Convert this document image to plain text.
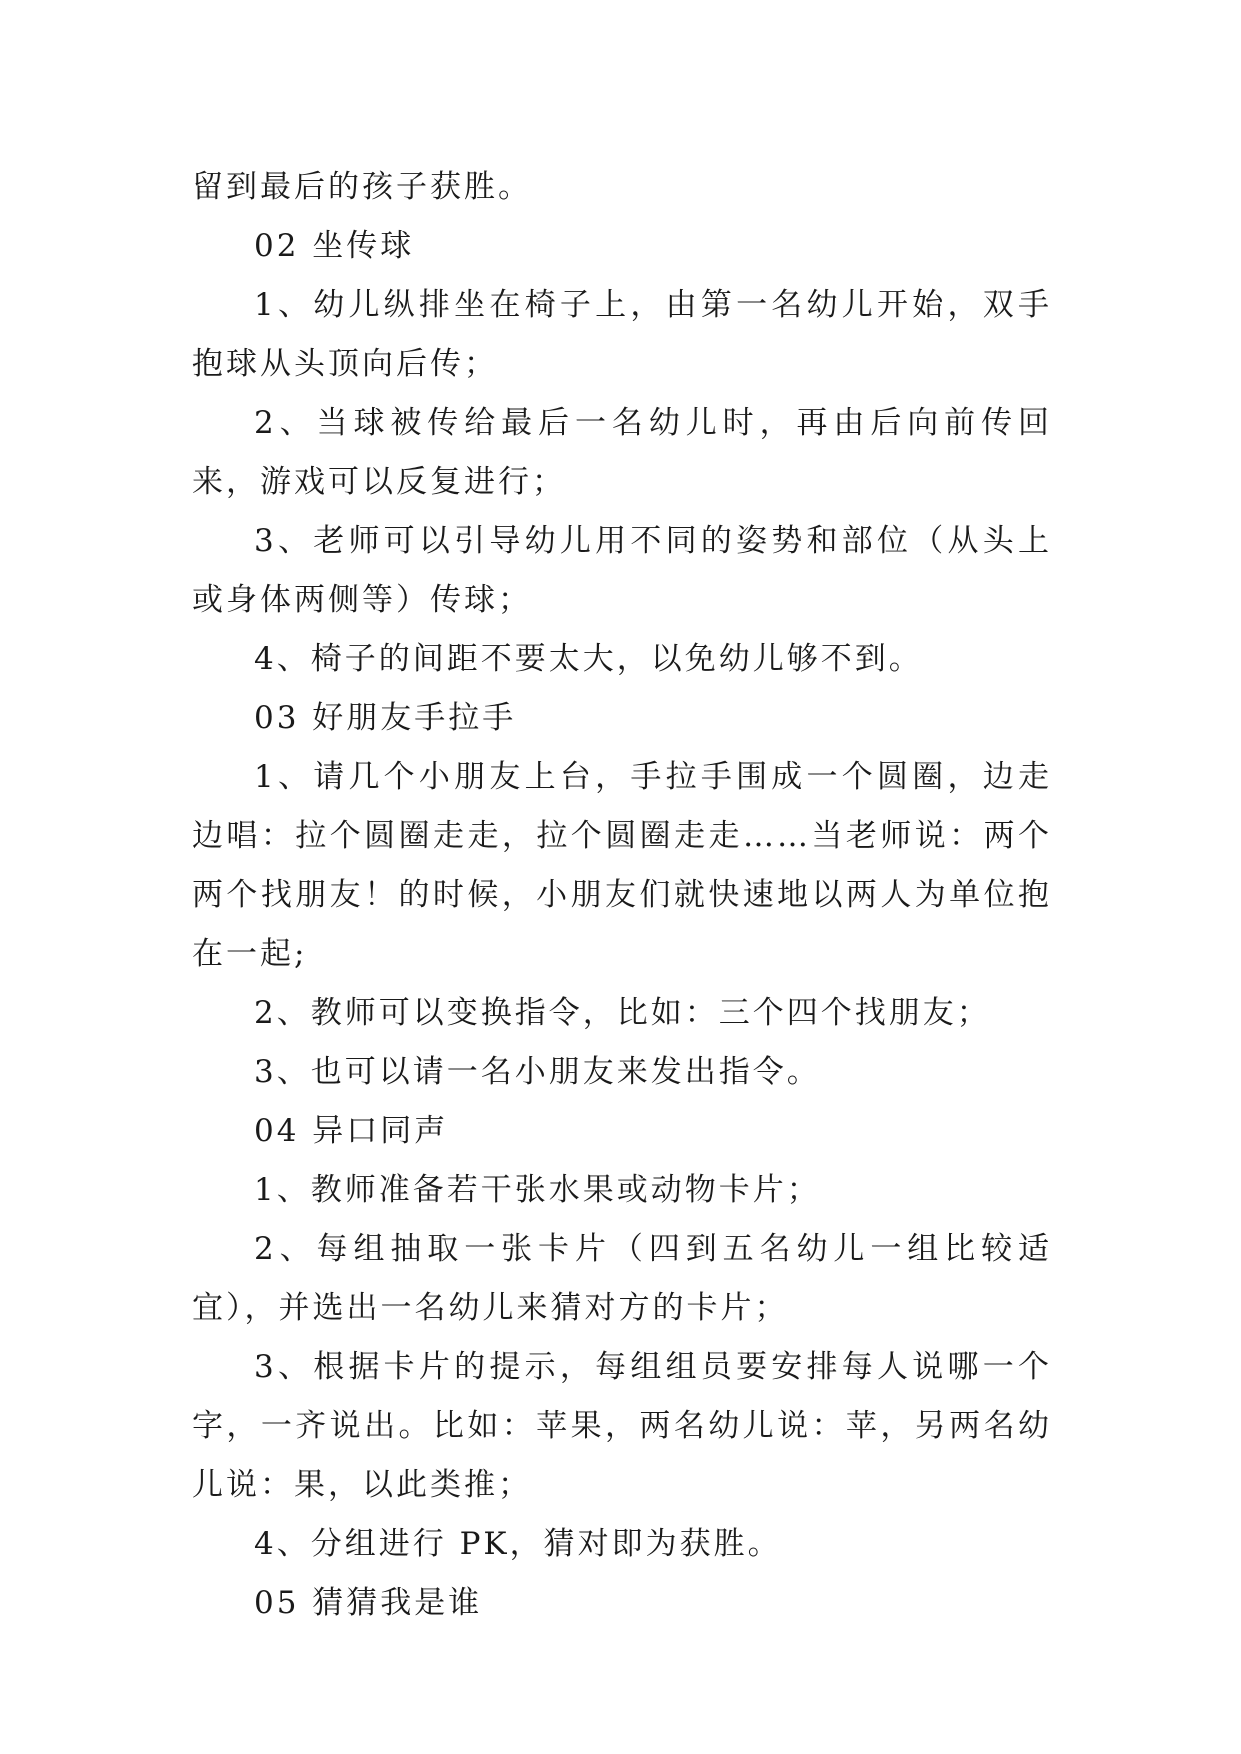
留到最后的孩子获胜。

02 坐传球

1、幼儿纵排坐在椅子上，由第一名幼儿开始，双手抱球从头顶向后传；

2、当球被传给最后一名幼儿时，再由后向前传回来，游戏可以反复进行；

3、老师可以引导幼儿用不同的姿势和部位（从头上或身体两侧等）传球；

4、椅子的间距不要太大，以免幼儿够不到。

03 好朋友手拉手

1、请几个小朋友上台，手拉手围成一个圆圈，边走边唱：拉个圆圈走走，拉个圆圈走走……当老师说：两个两个找朋友！的时候，小朋友们就快速地以两人为单位抱在一起;

2、教师可以变换指令，比如：三个四个找朋友；

3、也可以请一名小朋友来发出指令。

04 异口同声

1、教师准备若干张水果或动物卡片；

2、每组抽取一张卡片（四到五名幼儿一组比较适宜），并选出一名幼儿来猜对方的卡片；

3、根据卡片的提示，每组组员要安排每人说哪一个字，一齐说出。比如：苹果，两名幼儿说：苹，另两名幼儿说：果，以此类推；

4、分组进行 PK，猜对即为获胜。

05 猜猜我是谁
